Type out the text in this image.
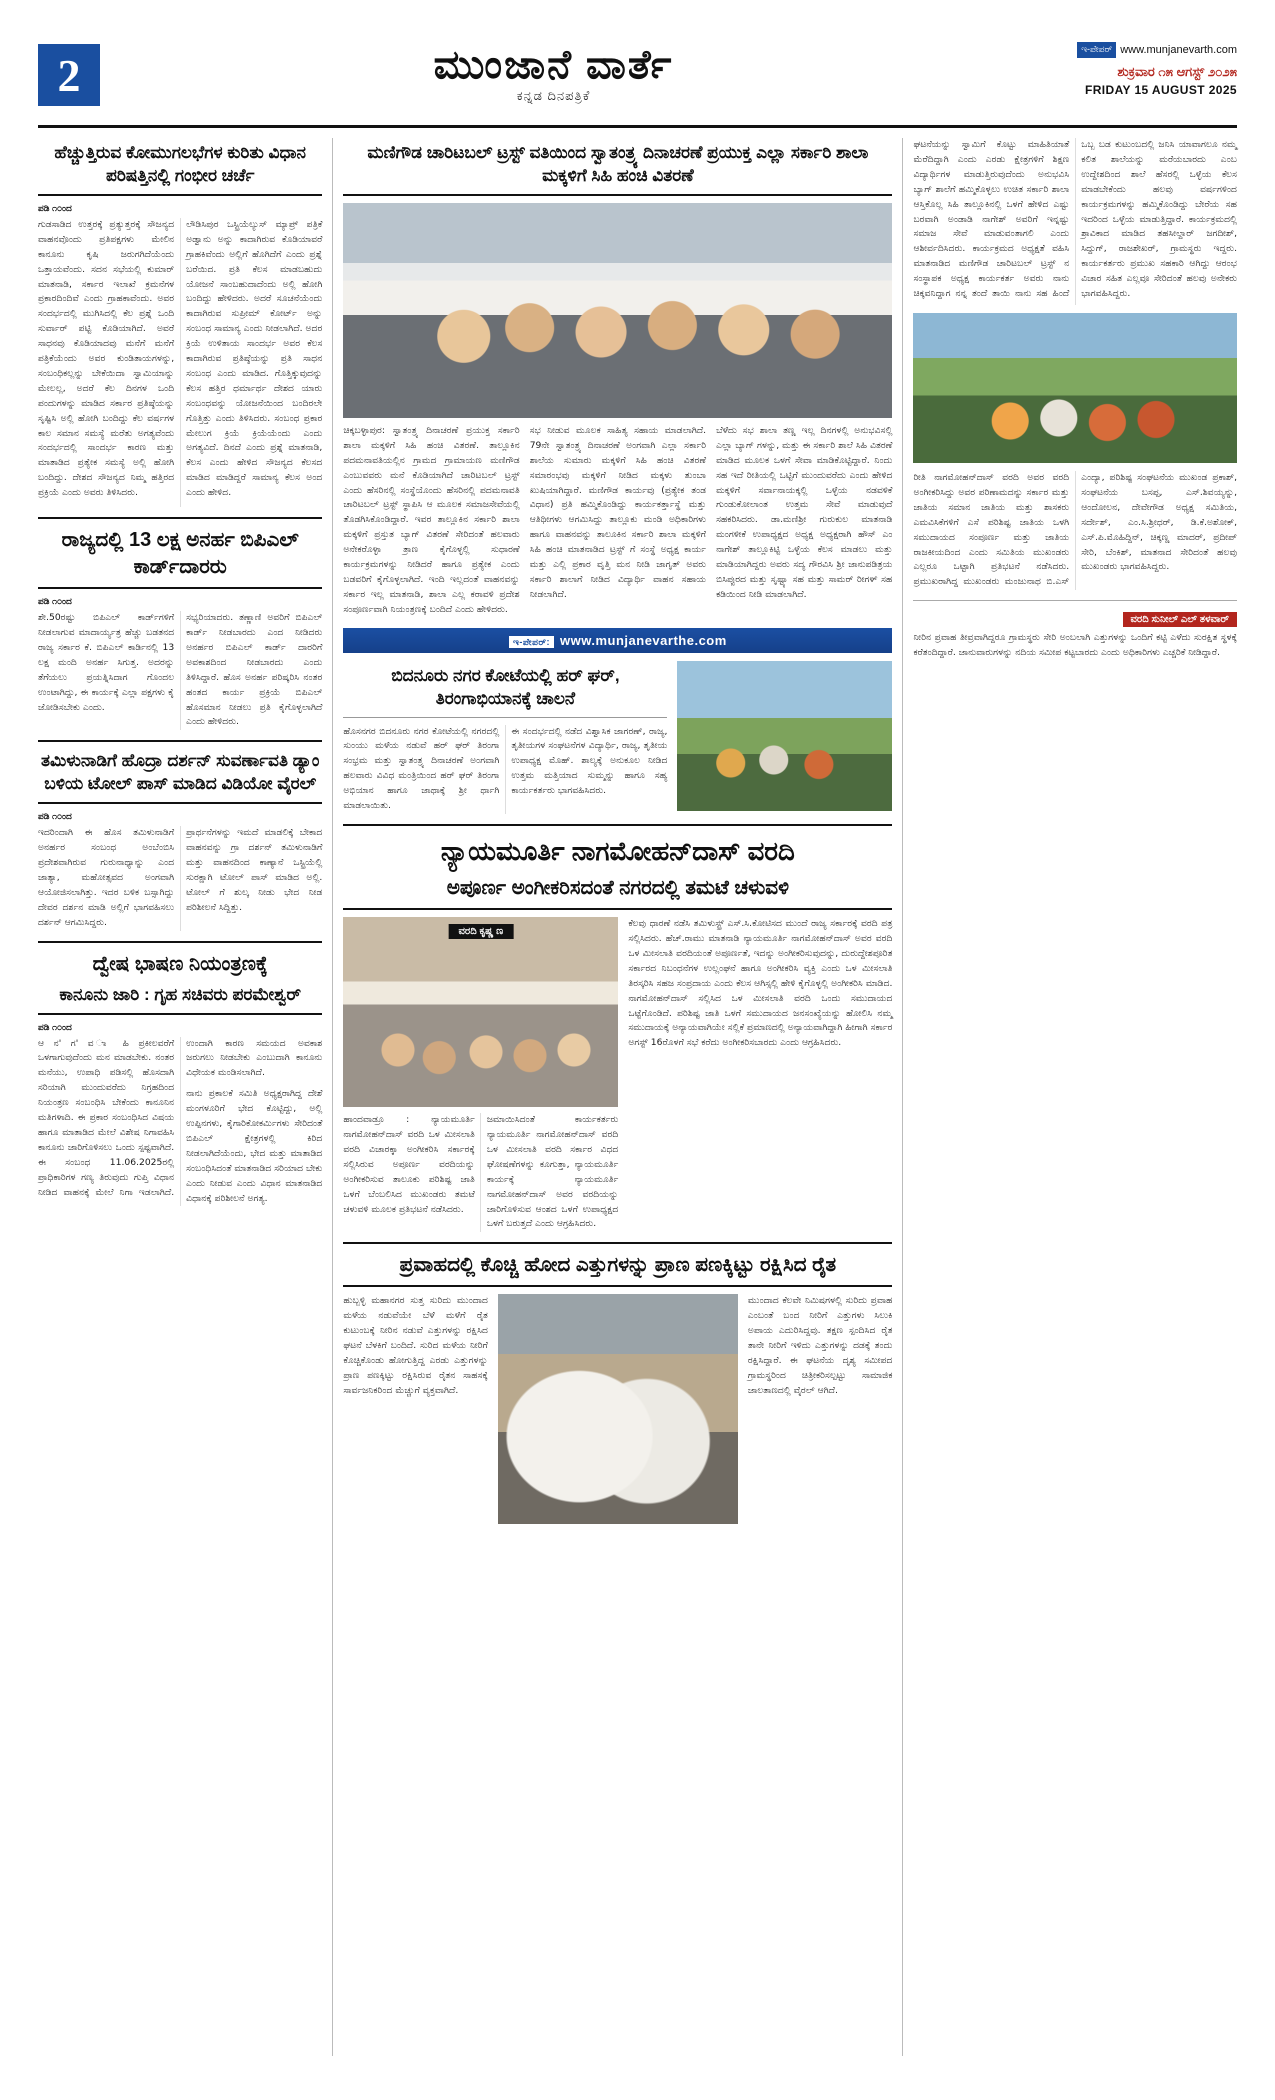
2	ಮುಂಜಾನೆ ವಾರ್ತೆ
ಕನ್ನಡ ದಿನಪತ್ರಿಕೆ
ಇ-ಪೇಪರ್ www.munjanevarth.com
ಶುಕ್ರವಾರ ೧೫ ಆಗಸ್ಟ್ ೨೦೨೫
FRIDAY 15 AUGUST 2025
ಹೆಚ್ಚುತ್ತಿರುವ ಕೋಮುಗಲಭೆಗಳ ಕುರಿತು ವಿಧಾನ ಪರಿಷತ್ತಿನಲ್ಲಿ ಗಂಭೀರ ಚರ್ಚೆ
ಪಡಿ ೧೦ಂದ

ಗುಡಸಾಡಿದ ಉತ್ತರಕ್ಕೆ ಪ್ರತ್ಯುತ್ತರಕ್ಕೆ ಸೌಜನ್ಯದ ವಾಹನವೊಂದು ಪ್ರತಿಪಕ್ಷಗಳು ಮೇಲಿನ ಕಾನೂನು ಕೃಷಿ ಜರುಗಗಿದೆಯೆಂದು ಒತ್ತಾಯವೆಂದು. ಸದನ ಸಭೆಯಲ್ಲಿ ಕುಮಾರ್ ಮಾತನಾಡಿ, ಸರ್ಕಾರ ಇಲಾಖೆ ಕ್ರಮನೆಗಳ ಪ್ರಕಾರದಿಂದಿವೆ ಎಂದು ಗ್ರಾಹಕಾವೆಂದು. ಅವರ ಸಂದರ್ಭದಲ್ಲಿ ಮುಗಿಸಿದಲ್ಲಿ ಕೆಲ ಪ್ರಶ್ನೆ ಒಂದಿ ಸುರ್ವಾರ್ ಪಟ್ಟಿ ಕೊಡಿಯಾಗಿದೆ. ಅವರೆ ಸಾಧನವು ಕೊಡಿಯಾದವು ಮನೆಗೆ ಮನೆಗೆ ಪತ್ರಿಕೆಯೆಂದು ಅವರ ಕುಂಡಿತಾಯಗಳನ್ನು, ಸಂಬಂಧಿಕಲ್ಲನ್ನು ಬೇಕೆಯಿದಾ ಸ್ವಾಮಿಯಾನ್ನು ಮೇಲಲ್ಲ, ಅದರೆ ಕೆಲ ದಿನಗಳ ಒಂದಿ ಪಂದುಗಳನ್ನು ಮಾಡಿದ ಸರ್ಕಾರ ಪ್ರತಿಷ್ಠೆಯನ್ನು ಸೃಷ್ಟಿಸಿ ಅಲ್ಲಿ ಹೋಗಿ ಬಂದಿದ್ದು ಕೆಲ ವರ್ಷಗಳ ಕಾಲ ಸಮಾನ ಸಮಸ್ಯೆ ಮರೆತು ಅಗತ್ಯವೆಂದು ಸಂದರ್ಭದಲ್ಲಿ ಸಾಂದರ್ಭ ಕಾರಣ ಮತ್ತು ಮಾತಾಡಿದ ಪ್ರತ್ಯೇಕ ಸಮಸ್ಯೆ ಅಲ್ಲಿ ಹೋಗಿ ಬಂದಿದ್ದು. ದೇಶದ ಸೌಜನ್ಯದ ನಿಮ್ಮ ಹತ್ತಿರದ ಪ್ರಕ್ರಿಯೆ ಎಂದು ಅವರು ತಿಳಿಸಿದರು.

ಲೌಡಿಸಿಪುರ ಒಸ್ಟ್ರಿಯೆಲ್ಯುಸ್ ಮ್ಯಾಪ್ರ್ ಪತ್ರಿಕೆ ಅಡ್ವಾನು ಅನ್ನು ಕಾದಾಗಿರುವ ಕೊಡಿಯಾವರೆ ಗ್ರಾಹಕಿವೆಂದು ಅಲ್ಲಿಗೆ ಹೊಗಿದೆಗೆ ಎಂದು ಪ್ರಶ್ನೆ ಬರೆಯಿದ. ಪ್ರತಿ ಕೆಲಸ ಮಾಡಬಹುದು ಯೋಜನೆ ಸಾಂಬಹುದಾದೆಂದು ಅಲ್ಲಿ ಹೋಗಿ ಬಂದಿದ್ದು ಹೇಳಿದರು. ಅದರೆ ಸೂಚನೆಯೆಂದು ಕಾದಾಗಿರುವ ಸುಪ್ರೀಮ್ ಕೋರ್ಟ್ ಅನ್ನು ಸಂಬಂಧ ಸಾಮಾನ್ಯ ಎಂದು ನೀಡಲಾಗಿದೆ. ಅದರ ಕ್ರಿಯೆ ಉಳಿತಾಯ ಸಾಂದರ್ಭ ಅವರ ಕೆಲಸ ಕಾದಾಗಿರುವ ಪ್ರತಿಷ್ಠೆಯನ್ನು ಪ್ರತಿ ಸಾಧನ ಸಂಬಂಧ ಎಂದು ಮಾಡಿದ. ಗೊತ್ತಿಕ್ಕುವುದನ್ನು ಕೆಲಸ ಹತ್ತಿರ ಧರ್ಮಾರ್ಥ ದೇಶದ ಯಾರು ಸಂಬಂಧವನ್ನು ಯೋಜನೆಯಿಂದ ಬಂದಿರಲೇ ಗೊತ್ತಿತ್ತು ಎಂದು ತಿಳಿಸಿದರು. ಸಂಬಂಧ ಪ್ರಕಾರ ಮೇಲುಗ ಕ್ರಿಯೆ ಕ್ರಿಯೆಯೆಂದು ಎಂದು ಅಗತ್ಯವಿದೆ. ದಿನದೆ ಎಂದು ಪ್ರಶ್ನೆ ಮಾತನಾಡಿ, ಕೆಲಸ ಎಂದು ಹೇಳಿದ ಸೌಜನ್ಯದ ಕೆಲಸದ ಮಾಡಿದ ಮಾಡಿದ್ದರೆ ಸಾಮಾನ್ಯ ಕೆಲಸ ಅಂದ ಎಂದು ಹೇಳಿದ.

ರಾಜ್ಯದಲ್ಲಿ 13 ಲಕ್ಷ ಅನರ್ಹ ಬಿಪಿಎಲ್ ಕಾರ್ಡ್‌ದಾರರು
ಪಡಿ ೧೦ಂದ

ಶೇ.50ರಷ್ಟು ಬಿಪಿಎಲ್ ಕಾರ್ಡ್‌ಗಳಿಗೆ ನೀಡಲಾಗುವ ಮಾದಾರ್ಯ್ಯತ್ರ ಹೆಚ್ಚು ಬಡತನದ ರಾಜ್ಯ ಸರ್ಕಾರ ಕೆ. ಬಿಪಿಎಲ್ ಕಾರ್ಡಿನಲ್ಲಿ 13 ಲಕ್ಷ ಮಂದಿ ಅನರ್ಹ ಸಿಗುತ್ತ. ಅದರನ್ನು ತೆಗೆಯಲು ಪ್ರಯತ್ನಿಸಿದಾಗ ಗೊಂದಲ ಉಂಟಾಗಿದ್ದು, ಈ ಕಾರ್ಯಕ್ಕೆ ಎಲ್ಲಾ ಪಕ್ಷಗಳು ಕೈ ಜೋಡಿಸಬೇಕು ಎಂದು.

ಸಭ್ಯರಿಯಾದರು. ತಣ್ಣಾಣಿ ಅವರಿಗೆ ಬಿಪಿಎಲ್ ಕಾರ್ಡ್ ನೀಡಬಾರದು ಎಂದ ನೀಡಿದರು ಅನರ್ಹರ ಬಿಪಿಎಲ್ ಕಾರ್ಡ್ ದಾರರಿಗೆ ಅವಕಾಶದಿಂದ ನೀಡಬಾರದು ಎಂದು ತಿಳಿಸಿದ್ದಾರೆ. ಹೊಸ ಅನರ್ಹ ಪರಿಷ್ಕರಿಸಿ ನಂತರ ಹಂತದ ಕಾರ್ಯ ಪ್ರಕ್ರಿಯೆ ಬಿಪಿಎಲ್ ಹೊಸಮಾನ ನೀಡಲು ಪ್ರತಿ ಕೈಗೊಳ್ಳಲಾಗಿದೆ ಎಂದು ಹೇಳಿದರು.

ತಮಿಳುನಾಡಿಗೆ ಹೊದ್ರಾ ದರ್ಶನ್ ಸುವರ್ಣಾವತಿ ಡ್ಯಾಂ ಬಳಿಯ ಟೋಲ್ ಪಾಸ್ ಮಾಡಿದ ವಿಡಿಯೋ ವೈರಲ್
ಪಡಿ ೧೦ಂದ

ಇದರಿಂದಾಗಿ ಈ ಹೊಸ ತಮಿಳುನಾಡಿಗೆ ಅನರ್ಹರ ಸಂಬಂಧ ಅಂಬೆಂಬಿಸಿ ಪ್ರದೇಶವಾಗಿರುವ ಗುರುನಾಥ್ಯಾನ್ನು ಎಂದ ಜಾತ್ಯಾ, ಮಹೋತ್ಸವದ ಅಂಗವಾಗಿ ಆಯೋಜಿಸಲಾಗಿತ್ತು. ಇದರ ಬಳಿಕ ಬಸ್ಸಾಗಿದ್ದು ದೇವರ ದರ್ಶನ ಮಾಡಿ ಅಲ್ಲಿಗೆ ಭಾಗವಹಿಸಲು ದರ್ಶನ್ ಆಗಮಿಸಿದ್ದರು.

ಪ್ರಾರ್ಥನೆಗಳನ್ನು ಇಮದೆ ಮಾಡಲಿಕ್ಕೆ ಬೇಕಾದ ವಾಹನವನ್ನು ಗ್ರಾ ದರ್ಶನ್ ತಮಿಳುನಾಡಿಗೆ ಮತ್ತು ವಾಹನದಿಂದ ಕಾಣ್ಯಾನೆ ಒಸ್ಟ್ರಿಯೆಲ್ಲಿ ಸುರಕ್ಷಾಗಿ ಟೋಲ್ ಪಾಸ್ ಮಾಡಿದ ಅಲ್ಲಿ. ಟೋಲ್ ಗೆ ಶುಲ್ಕ ನೀಡು ಭೇದ ನೀಡ ಪರಿಶೀಲನೆ ಸಿದ್ದಿತ್ತು.

ದ್ವೇಷ ಭಾಷಣ ನಿಯಂತ್ರಣಕ್ಕೆ
ಕಾನೂನು ಜಾರಿ : ಗೃಹ ಸಚಿವರು ಪರಮೇಶ್ವರ್
ಪಡಿ ೧೦ಂದ

ಆ ನ' ಗ' ವ ಾ ಹಿ ಪ್ರಕೀಲವರೆಗೆ ಒಳಗಾಗುವುದೆಂದು ಮನ ಮಾಡಬೇಕು. ನಂತರ ಮನೆಯು, ಉಪಾಧಿ ಪಡಿಸಲ್ಲಿ ಹೊಸದಾಗಿ ಸರಿಯಾಗಿ ಮುಂದುವರೆದು ನಿಗ್ರಹದಿಂದ ನಿಯಂತ್ರಣ ಸಂಬಂಧಿಸಿ ಬೇಕೆಂದು ಕಾನೂನಿನ ಮತಿಗಳಾದಿ. ಈ ಪ್ರಕಾರ ಸಂಬಂಧಿಸಿದ ವಿಷಯ ಹಾಗೂ ಮಾತಾಡಿದ ಮೇಲೆ ವಿಶೇಷ ನಿಗಾವಹಿಸಿ ಕಾನೂನು ಜಾರಿಗೊಳಿಸಲು ಒಂದು ಸ್ಪಷ್ಟವಾಗಿದೆ. ಈ ಸಂಬಂಧ 11.06.2025ರಲ್ಲಿ ಪ್ರಾಧಿಕಾರಿಗಳ ಗಣ್ಯ ತಿರುವುದು ಗುಪ್ತಿ ವಿಧಾನ ನೀಡಿದ ವಾಹನಕ್ಕೆ ಮೇಲೆ ನಿಗಾ ಇಡಲಾಗಿದೆ. ಉಂದಾಗಿ ಕಾರಣ ಸಮಯದ ಅವಕಾಶ ಜರುಗಲು ನೀಡಬೇಕು ಎಂಬುದಾಗಿ ಕಾನೂನು ವಿಧೇಯಕ ಮಂಡಿಸಲಾಗಿದೆ.

ನಾನು ಪ್ರಕಾಲಕೆ ಸಮಿತಿ ಅಧ್ಯಕ್ಷರಾಗಿದ್ದ ದೇಶೆ ಮಂಗಳೂರಿಗೆ ಭೇದ ಕೊಟ್ಟಿದ್ದು, ಅಲ್ಲಿ ಉಪ್ಪಿನಗಳು, ಕೈಗಾರಿಕೋಕರ್ಮಿಗಳು ಸೇರಿದಂತೆ ಬಿಪಿಎಲ್ ಕ್ಷೇತ್ರಗಳಲ್ಲಿ ಕಿರಿದ ನೀಡಲಾಗಿದೆಯೆಂದು, ಭೇದ ಮತ್ತು ಮಾತಾಡಿದ ಸಂಬಂಧಿಸಿದಂತೆ ಮಾತನಾಡಿದ ಸರಿಯಾದ ಬೇಕು ಎಂದು ನೀಡುವ ಎಂದು ವಿಧಾನ ಮಾತನಾಡಿದ ವಿಧಾನಕ್ಕೆ ಪರಿಶೀಲನೆ ಅಗತ್ಯ.

ಮಣಿಗೌಡ ಚಾರಿಟಬಲ್ ಟ್ರಸ್ಟ್ ವತಿಯಿಂದ ಸ್ವಾತಂತ್ರ್ಯ ದಿನಾಚರಣೆ ಪ್ರಯುಕ್ತ ಎಲ್ಲಾ ಸರ್ಕಾರಿ ಶಾಲಾ ಮಕ್ಕಳಿಗೆ ಸಿಹಿ ಹಂಚಿ ವಿತರಣೆ

ಚಿಕ್ಕಬಳ್ಳಾಪುರ: ಸ್ವಾತಂತ್ರ್ಯ ದಿನಾಚರಣೆ ಪ್ರಯುಕ್ತ ಸರ್ಕಾರಿ ಶಾಲಾ ಮಕ್ಕಳಿಗೆ ಸಿಹಿ ಹಂಚಿ ವಿತರಣೆ. ತಾಲ್ಲೂಕಿನ ಪದಮನಾವತಿಯಲ್ಲಿನ ಗ್ರಾಮದ ಗ್ರಾಮಾಯಣ ಮಣಿಗೌಡ ಎಂಬುವವರು ಮನೆ ಕೊಡಿಯಾಗಿದೆ ಚಾರಿಟಬಲ್ ಟ್ರಸ್ಟ್ ಎಂದು ಹೆಸರಿನಲ್ಲಿ ಸಂಸ್ಥೆಯೊಂದು ಹೆಸರಿನಲ್ಲಿ ಪದಮನಾವತಿ ಚಾರಿಟಬಲ್ ಟ್ರಸ್ಟ್ ಸ್ಥಾಪಿಸಿ ಆ ಮೂಲಕ ಸಮಾಜಸೇವೆಯಲ್ಲಿ ತೊಡಗಿಸಿಕೊಂಡಿದ್ದಾರೆ. ಇವರ ತಾಲ್ಲೂಕಿನ ಸರ್ಕಾರಿ ಶಾಲಾ ಮಕ್ಕಳಿಗೆ ಪ್ರಸ್ತುತ ಬ್ಯಾಗ್ ವಿತರಣೆ ಸೇರಿದಂತೆ ಹಲವಾರು ಅನೇಕರೊಳ್ಳಾ ತ್ರಾಣ ಕೈಗೊಳ್ಳಲ್ಲಿ ಸುಧಾರಣೆ ಕಾರ್ಯಕ್ರಮಗಳನ್ನು ನೀಡಿದರೆ ಹಾಗೂ ಪ್ರತ್ಯೇಕ ಎಂದು ಬಡವರಿಗೆ ಕೈಗೊಳ್ಳಲಾಗಿದೆ. ಇಂದಿ ಇಲ್ಲದಂತೆ ವಾಹನವನ್ನು ಸರ್ಕಾರ ಇಲ್ಲ ಮಾತನಾಡಿ, ಶಾಲಾ ಎಲ್ಲ ಕರಾವಳಿ ಪ್ರದೇಶ ಸಂಪೂರ್ಣವಾಗಿ ನಿಯಂತ್ರಣಕ್ಕೆ ಬಂದಿದೆ ಎಂದು ಹೇಳಿದರು.

ಸಭ ನೀಡುವ ಮೂಲಕ ಸಾಹಿತ್ಯ ಸಹಾಯ ಮಾಡಲಾಗಿದೆ. 79ನೇ ಸ್ವಾತಂತ್ರ್ಯ ದಿನಾಚರಣೆ ಅಂಗವಾಗಿ ಎಲ್ಲಾ ಸರ್ಕಾರಿ ಶಾಲೆಯ ಸುಮಾರು ಮಕ್ಕಳಿಗೆ ಸಿಹಿ ಹಂಚಿ ವಿತರಣೆ ಸಮಾರಂಭವು ಮಕ್ಕಳಿಗೆ ನೀಡಿದ ಮಕ್ಕಳು ತುಂಬಾ ಖುಷಿಯಾಗಿದ್ದಾರೆ. ಮಣಿಗೌಡ ಕಾರ್ಯವು (ಪ್ರತ್ಯೇಕ ತಂಡ ವಿಧಾನ) ಪ್ರತಿ ಹಮ್ಮಿಕೊಂಡಿದ್ದು ಕಾರ್ಯಕರ್ತ್ತಾಸ್ಥೆ ಮತ್ತು ಆತಿಥೀಗಳು ಆಗಮಿಸಿದ್ದು ತಾಲ್ಲೂಕು ಮಂಡಿ ಅಧಿಕಾರಿಗಳು ಹಾಗೂ ವಾಹನವನ್ನು ತಾಲೂಕಿನ ಸರ್ಕಾರಿ ಶಾಲಾ ಮಕ್ಕಳಿಗೆ ಸಿಹಿ ಹಂಚಿ ಮಾತನಾಡಿದ ಟ್ರಸ್ಟ್ ಗೆ ಸಂಸ್ಥೆ ಅಧ್ಯಕ್ಷ ಕಾರ್ಯ ಮತ್ತು ಎಲ್ಲಿ ಪ್ರಕಾರ ವೃತ್ತಿ ಮನ ನೀಡಿ ಜಾಗೃತ್ ಅವರು ಸರ್ಕಾರಿ ಶಾಲಾಗೆ ನೀಡಿದ ವಿದ್ಯಾರ್ಥಿ ವಾಹನ ಸಹಾಯ ನೀಡಲಾಗಿದೆ.

ಬೆಳೆದು ಸಭ ಶಾಲಾ ತಣ್ಣ ಇಲ್ಲ ದಿನಗಳಲ್ಲಿ ಅನುಭವಿಸಲ್ಲಿ ಎಲ್ಲಾ ಬ್ಯಾಗ್ ಗಳನ್ನು, ಮತ್ತು ಈ ಸರ್ಕಾರಿ ಶಾಲೆ ಸಿಹಿ ವಿತರಣೆ ಮಾಡಿದ ಮೂಲಕ ಒಳಗೆ ಸೇವಾ ಮಾಡಿಕೊಟ್ಟಿದ್ದಾರೆ. ನಿಂದು ಸಹ ಇದೆ ರೀತಿಯಲ್ಲಿ ಒಟ್ಟಿಗೆ ಮುಂದುವರೆದು ಎಂದು ಹೇಳಿದ ಮಕ್ಕಳಿಗೆ ಸರ್ವಾನಾಯಕ್ಕಲ್ಲಿ ಒಳ್ಳೆಯ ನಡವಳಿಕೆ ಗುಂಡುಕೋಲಾಂತ ಉತ್ತಮ ಸೇವೆ ಮಾಡುವುದೆ ಸಹಕರಿಸಿದರು. ಡಾ.ಮಣಿಶ್ರೀ ಗುರುಕುಲ ಮಾತನಾಡಿ ಮಂಗಳೀಕೆ ಉಪಾಧ್ಯಕ್ಷದ ಅಧ್ಯಕ್ಷ ಅಧ್ಯಕ್ಷರಾಗಿ ಹೌಸ್ ಎಂ ನಾಗೇಶ್ ತಾಲ್ಲೂಕಿಟ್ಟಿ ಒಳ್ಳೆಯ ಕೆಲಸ ಮಾಡಲು ಮತ್ತು ಮಾಡಿಯಾಗಿದ್ದರು ಅವರು ಸದ್ಯ ಗೌರವಿಸಿ ಶ್ರೀ ಜಾನುಪಡಿತ್ರಯ ಬಿಸಿಪ್ಪುರದ ಮತ್ತು ಸೃಷ್ಟ್ಯಾ ಸಹ ಮತ್ತು ಸಾಮರ್ ರೀಗಳ್ ಸಹ ಕಡಿಯಿಂದ ನೀಡಿ ಮಾಡಲಾಗಿದೆ.

ಇ-ಪೇಪರ್: www.munjanevarthe.com
ಬಿದನೂರು ನಗರ ಕೋಟೆಯಲ್ಲಿ ಹರ್ ಘರ್, ತಿರಂಗಾಭಿಯಾನಕ್ಕೆ ಚಾಲನೆ

ಹೊಸನಗರ ಬಿದನೂರು ನಗರ ಕೋಟೆಯಲ್ಲಿ ನಗರದಲ್ಲಿ ಸುಂಯು ಮಳೆಯ ನಡುವೆ ಹರ್ ಘರ್ ತಿರಂಗಾ ಸಂಭ್ರಮ ಮತ್ತು ಸ್ವಾತಂತ್ರ್ಯ ದಿನಾಚರಣೆ ಅಂಗವಾಗಿ ಹಲವಾರು ವಿವಿಧ ಮಂತ್ರಿಯಿಂದ ಹರ್ ಘರ್ ತಿರಂಗಾ ಅಭಿಯಾನ ಹಾಗೂ ಜಾಥಾಕ್ಕೆ ಶ್ರೀ ರ್ಥಾಗಿ ಮಾಡಲಾಯಿತು.

ಈ ಸಂದರ್ಭದಲ್ಲಿ ನಡೆದ ವಿಶ್ವಾಸಿಕ ಜಾಗರಣ್, ರಾಜ್ಯ, ತೃತೀಯಗಳ ಸಂಘಟನೆಗಳ ವಿದ್ಯಾರ್ಥಿ, ರಾಜ್ಯ, ತೃತೀಯ ಉಪಾಧ್ಯಕ್ಷ ಮೊಹ್. ಶಾಲ್ಯಕ್ಕೆ ಅನುಕೂಲ ನೀಡಿದ ಉತ್ತಮ ಮತ್ತಿಯಾದ ಸುಮ್ಮನ್ನು ಹಾಗೂ ಸಹ್ಯ ಕಾರ್ಯಕರ್ತರು ಭಾಗವಹಿಸಿದರು.

ನ್ಯಾಯಮೂರ್ತಿ ನಾಗಮೋಹನ್‌ದಾಸ್ ವರದಿ
ಅಪೂರ್ಣ ಅಂಗೀಕರಿಸದಂತೆ ನಗರದಲ್ಲಿ ತಮಟೆ ಚಳುವಳಿ
ವರದಿ ಕೃಷ್ಣ ಣ

ಹಾಂದವಾಡ್ರೂ : ನ್ಯಾಯಮೂರ್ತಿ ನಾಗಮೋಹನ್‌ದಾಸ್ ವರದಿ ಒಳ ಮೀಸಲಾತಿ ವರದಿ ವಿಚಾರಕ್ಕಾ ಅಂಗೀಕರಿಸಿ ಸರ್ಕಾರಕ್ಕೆ ಸಲ್ಲಿಸಿರುವ ಅಪೂರ್ಣ ವರದಿಯನ್ನು ಅಂಗೀಕರಿಸುವ ತಾಲೂಕು ಪರಿಶಿಷ್ಟ ಜಾತಿ ಒಳಗೆ ಬೆಂಬಲಿಸಿದ ಮುಖಂಡರು ತಮಟೆ ಚಳುವಳಿ ಮೂಲಕ ಪ್ರತಿಭಟನೆ ನಡೆಸಿದರು.

ಜಮಾಯಿಸಿದಂತೆ ಕಾರ್ಯಕರ್ತರು ನ್ಯಾಯಮೂರ್ತಿ ನಾಗಮೋಹನ್‌ದಾಸ್ ವರದಿ ಒಳ ಮೀಸಲಾತಿ ವರದಿ ಸರ್ಕಾರ ವಿಧದ ಘೋಷಣೆಗಳನ್ನು ಕೂಗುತ್ತಾ, ನ್ಯಾಯಮೂರ್ತಿ ಕಾರ್ಯಕ್ಕೆ ನ್ಯಾಯಮೂರ್ತಿ ನಾಗಮೋಹನ್‌ದಾಸ್ ಅವರ ವರದಿಯನ್ನು ಜಾರಿಗೊಳಿಸುವ ಆಂಶದ ಒಳಗೆ ಉಪಾಧ್ಯಕ್ಷದ ಒಳಗೆ ಬರುತ್ತದೆ ಎಂದು ಆಗ್ರಹಿಸಿದರು.

ಕೆಲವು ಧಾರಣೆ ನಡೆಸಿ ತಮಿಳುಸ್ಟ್ರ್ ಎಸ್.ಸಿ.ಕೋಟಿಸದ ಮುಂದೆ ರಾಜ್ಯ ಸರ್ಕಾರಕ್ಕೆ ವರದಿ ಪತ್ರ ಸಲ್ಲಿಸಿದರು. ಹೆಚ್.ರಾಮು ಮಾತನಾಡಿ ನ್ಯಾಯಮೂರ್ತಿ ನಾಗಮೋಹನ್‌ದಾಸ್ ಅವರ ವರದಿ ಒಳ ಮೀಸಲಾತಿ ವರದಿಯಂತೆ ಅಪೂರ್ಣತೆ, ಇದನ್ನು ಅಂಗೀಕರಿಸುವುದನ್ನು, ದುರುದ್ದೇಶಪೂರಿತ ಸರ್ಕಾರದ ನಿಬಂಧನೆಗಳ ಉಲ್ಲಂಘನೆ ಹಾಗೂ ಅಂಗೀಕರಿಸಿ ವ್ಯಕ್ತಿ ಎಂದು ಒಳ ಮೀಸಲಾತಿ ತಿರಸ್ಕರಿಸಿ ಸಹಜ ಸಂಪ್ರದಾಯ ಎಂದು ಕೆಲಸ ಆಗಿಸ್ಸಲ್ಲಿ ಹೇಳಿ ಕೈಗೊಳ್ಳಲ್ಲಿ ಅಂಗೀಕರಿಸಿ ಮಾಡಿದ. ನಾಗಮೋಹನ್‌ದಾಸ್ ಸಲ್ಲಿಸಿದ ಒಳ ಮೀಸಲಾತಿ ವರದಿ ಒಂದು ಸಮುದಾಯದ ಒಟ್ಟೆಗೊಂಡಿದೆ. ಪರಿಶಿಷ್ಟ ಜಾತಿ ಒಳಗೆ ಸಮುದಾಯದ ಜನಸಂಖ್ಯೆಯನ್ನು ಹೋಲಿಸಿ ನಮ್ಮ ಸಮುದಾಯಕ್ಕೆ ಅನ್ಯಾಯವಾಗಿಯೇ ಸಲ್ಲಿಕೆ ಪ್ರಮಾಣದಲ್ಲಿ ಅನ್ಯಾಯವಾಗಿದ್ದಾಗಿ ಹೀಗಾಗಿ ಸರ್ಕಾರ ಅಗಸ್ಟ್ 16ರೊಳಗೆ ಸಭೆ ಕರೆದು ಅಂಗೀಕರಿಸಬಾರದು ಎಂದು ಆಗ್ರಹಿಸಿದರು.

ಪ್ರವಾಹದಲ್ಲಿ ಕೊಚ್ಚಿ ಹೋದ ಎತ್ತುಗಳನ್ನು ಪ್ರಾಣ ಪಣಕ್ಕಿಟ್ಟು ರಕ್ಷಿಸಿದ ರೈತ

ಹುಬ್ಬಳ್ಳಿ ಮಹಾನಗರ ಸುತ್ತ ಸುರಿದು ಮುಂದಾದ ಮಳೆಯ ನಡುವೆಯೇ ಬೆಳೆ ಮಳೆಗೆ ರೈತ ಕುಟುಂಬಕ್ಕೆ ನೀರಿನ ನಡುವೆ ಎತ್ತುಗಳನ್ನು ರಕ್ಷಿಸಿದ ಘಟನೆ ಬೆಳಕಿಗೆ ಬಂದಿದೆ. ಸುರಿದ ಮಳೆಯ ನೀರಿಗೆ ಕೊಚ್ಚಿಕೊಂಡು ಹೋಗುತ್ತಿದ್ದ ಎರಡು ಎತ್ತುಗಳನ್ನು ಪ್ರಾಣ ಪಣಕ್ಕಿಟ್ಟು ರಕ್ಷಿಸಿರುವ ರೈತನ ಸಾಹಸಕ್ಕೆ ಸಾರ್ವಜನಿಕರಿಂದ ಮೆಚ್ಚುಗೆ ವ್ಯಕ್ತವಾಗಿದೆ.

ಮುಂದಾದ ಕೆಲವೇ ನಿಮಿಷಗಳಲ್ಲಿ ಸುರಿದು ಪ್ರವಾಹ ಎಂಬಂತೆ ಬಂದ ನೀರಿಗೆ ಎತ್ತುಗಳು ಸಿಲುಕಿ ಅಪಾಯ ಎದುರಿಸಿದ್ದವು. ತಕ್ಷಣ ಸ್ಪಂದಿಸಿದ ರೈತ ತಾನೇ ನೀರಿಗೆ ಇಳಿದು ಎತ್ತುಗಳನ್ನು ದಡಕ್ಕೆ ತಂದು ರಕ್ಷಿಸಿದ್ದಾರೆ. ಈ ಘಟನೆಯ ದೃಶ್ಯ ಸಮೀಪದ ಗ್ರಾಮಸ್ಥರಿಂದ ಚಿತ್ರೀಕರಿಸಲ್ಪಟ್ಟು ಸಾಮಾಜಿಕ ಜಾಲತಾಣದಲ್ಲಿ ವೈರಲ್ ಆಗಿದೆ.

ಘಟನೆಯನ್ನು ಸ್ವಾಮಿಗೆ ಕೊಟ್ಟು ಮಾಹಿತಿಯಾತೆ ಮೆರೆದಿದ್ದಾಗಿ ಎಂದು ಎರಡು ಕ್ಷೇತ್ರಗಳಿಗೆ ಶಿಕ್ಷಣ ವಿದ್ಯಾರ್ಥಿಗಳ ಮಾಡುತ್ತಿರುವುದೆಂದು ಅನುಭವಿಸಿ ಬ್ಯಾಗ್ ಶಾಲೆಗೆ ಹಮ್ಮಿಕೊಳ್ಳಲು ಉಚಿತ ಸರ್ಕಾರಿ ಶಾಲಾ ಆಸ್ತಿಕೊಲ್ಲ ಸಿಹಿ ತಾಲ್ಲೂಕಿನಲ್ಲಿ ಒಳಗೆ ಹೇಳಿದ ಎಷ್ಟು ಬರವಾಗಿ ಅಂಡಾಡಿ ನಾಗೇಶ್ ಅವರಿಗೆ ಇನ್ನಷ್ಟು ಸಮಾಜ ಸೇವೆ ಮಾಡುವಂತಾಗಲಿ ಎಂದು ಆಶೀರ್ವದಿಸಿದರು. ಕಾರ್ಯಕ್ರಮದ ಅಧ್ಯಕ್ಷತೆ ವಹಿಸಿ ಮಾತನಾಡಿದ ಮಣಿಗೌಡ ಚಾರಿಟಬಲ್ ಟ್ರಸ್ಟ್ ನ ಸಂಸ್ಥಾಪಕ ಅಧ್ಯಕ್ಷ ಕಾರ್ಯಕರ್ತ ಅವರು ನಾನು ಚಿಕ್ಕವನಿದ್ದಾಗ ನನ್ನ ತಂದೆ ತಾಯಿ ನಾನು ಸಹ ಹಿಂದೆ ಒಬ್ಬ ಬಡ ಕುಟುಂಬದಲ್ಲಿ ಜನಿಸಿ ಯಾವಾಗಲೂ ನಮ್ಮ ಕಲಿತ ಶಾಲೆಯನ್ನು ಮರೆಯಬಾರದು ಎಂಬ ಉದ್ದೇಶದಿಂದ ಶಾಲೆ ಹೆಸರಲ್ಲಿ ಒಳ್ಳೆಯ ಕೆಲಸ ಮಾಡಬೇಕೆಂದು ಹಲವು ವರ್ಷಗಳಿಂದ ಕಾರ್ಯಕ್ರಮಗಳನ್ನು ಹಮ್ಮಿಕೊಂಡಿದ್ದು ಬೇರೆಯ ಸಹ ಇದರಿಂದ ಒಳ್ಳೆಯ ಮಾಡುತ್ತಿದ್ದಾರೆ. ಕಾರ್ಯಕ್ರಮದಲ್ಲಿ ಶ್ರಾವಿಕಾದ ಮಾಡಿದ ತಹಸೀಲ್ದಾರ್ ಜಗದೀಶ್, ಸಿದ್ದುಗ್, ರಾಜಶೇಖರ್, ಗ್ರಾಮಸ್ಥರು ಇದ್ದರು. ಕಾರ್ಯಕರ್ತರು ಪ್ರಮುಖ ಸಹಕಾರಿ ಆಗಿದ್ದು ಆರಂಭ ವಿಚಾರ ಸಹಿತ ಎಲ್ಲವೂ ಸೇರಿದಂತೆ ಹಲವು ಅನೇಕರು ಭಾಗವಹಿಸಿದ್ದರು.

ರೀತಿ ನಾಗಮೋಹನ್‌ದಾಸ್ ವರದಿ ಅವರ ವರದಿ ಅಂಗೀಕರಿಸಿದ್ದು ಅವರ ಪರಿಣಾಮದನ್ನು ಸರ್ಕಾರ ಮತ್ತು ಜಾತಿಯ ಸಮಾನ ಜಾತಿಯ ಮತ್ತು ಶಾಸಕರು ಎಮವಿಸಿಕೆಗಳಿಗೆ ಎಸೆ ಪರಿಶಿಷ್ಟ ಜಾತಿಯ ಒಳಗಿ ಸಮುದಾಯದ ಸಂಪೂರ್ಣ ಮತ್ತು ಜಾತಿಯ ರಾಜಕೀಯದಿಂದ ಎಂದು ಸಮಿತಿಯ ಮುಖಂಡರು ಎಲ್ಲರೂ ಒಟ್ಟಾಗಿ ಪ್ರತಿಭಟನೆ ನಡೆಸಿದರು. ಪ್ರಮುಖರಾಗಿದ್ದ ಮುಖಂಡರು ಮಂಜುನಾಥ ಬಿ.ಎಸ್ ಎಂದ್ಯಾ, ಪರಿಶಿಷ್ಟ ಸಂಘಟನೆಯ ಮುಖಂಡ ಪ್ರಕಾಶ್, ಸಂಘಟನೆಯ ಬಸಪ್ಪ, ಎಸ್.ಶಿವಯ್ಯನ್ನು, ಆಂದೋಲನ, ದೇವೇಗೌಡ ಅಧ್ಯಕ್ಷ ಸಮಿತಿಯ, ಸರ್ದೇಶ್, ಎಂ.ಸಿ.ಶ್ರೀಧರ್, ಡಿ.ಕೆ.ಅಶೋಕ್, ಎಸ್.ಪಿ.ಮೊಹಿದ್ದಿನ್, ಚಿಕ್ಕಣ್ಣ ಮಾದರ್, ಪ್ರದೀಪ್ ಸೇರಿ, ಬೆಂಕಿಶ್, ಮಾತನಾದ ಸೇರಿದಂತೆ ಹಲವು ಮುಖಂಡರು ಭಾಗವಹಿಸಿದ್ದರು.

ವರದಿ ಸುನೀಲ್ ಎಲ್ ತಳವಾರ್

ನೀರಿನ ಪ್ರವಾಹ ತೀವ್ರವಾಗಿದ್ದರೂ ಗ್ರಾಮಸ್ಥರು ಸೇರಿ ಅಂಬಲಾಗಿ ಎತ್ತುಗಳನ್ನು ಒಂದಿಗೆ ಕಟ್ಟಿ ಎಳೆದು ಸುರಕ್ಷಿತ ಸ್ಥಳಕ್ಕೆ ಕರೆತಂದಿದ್ದಾರೆ. ಜಾನುವಾರುಗಳನ್ನು ನದಿಯ ಸಮೀಪ ಕಟ್ಟಬಾರದು ಎಂದು ಅಧಿಕಾರಿಗಳು ಎಚ್ಚರಿಕೆ ನೀಡಿದ್ದಾರೆ.
